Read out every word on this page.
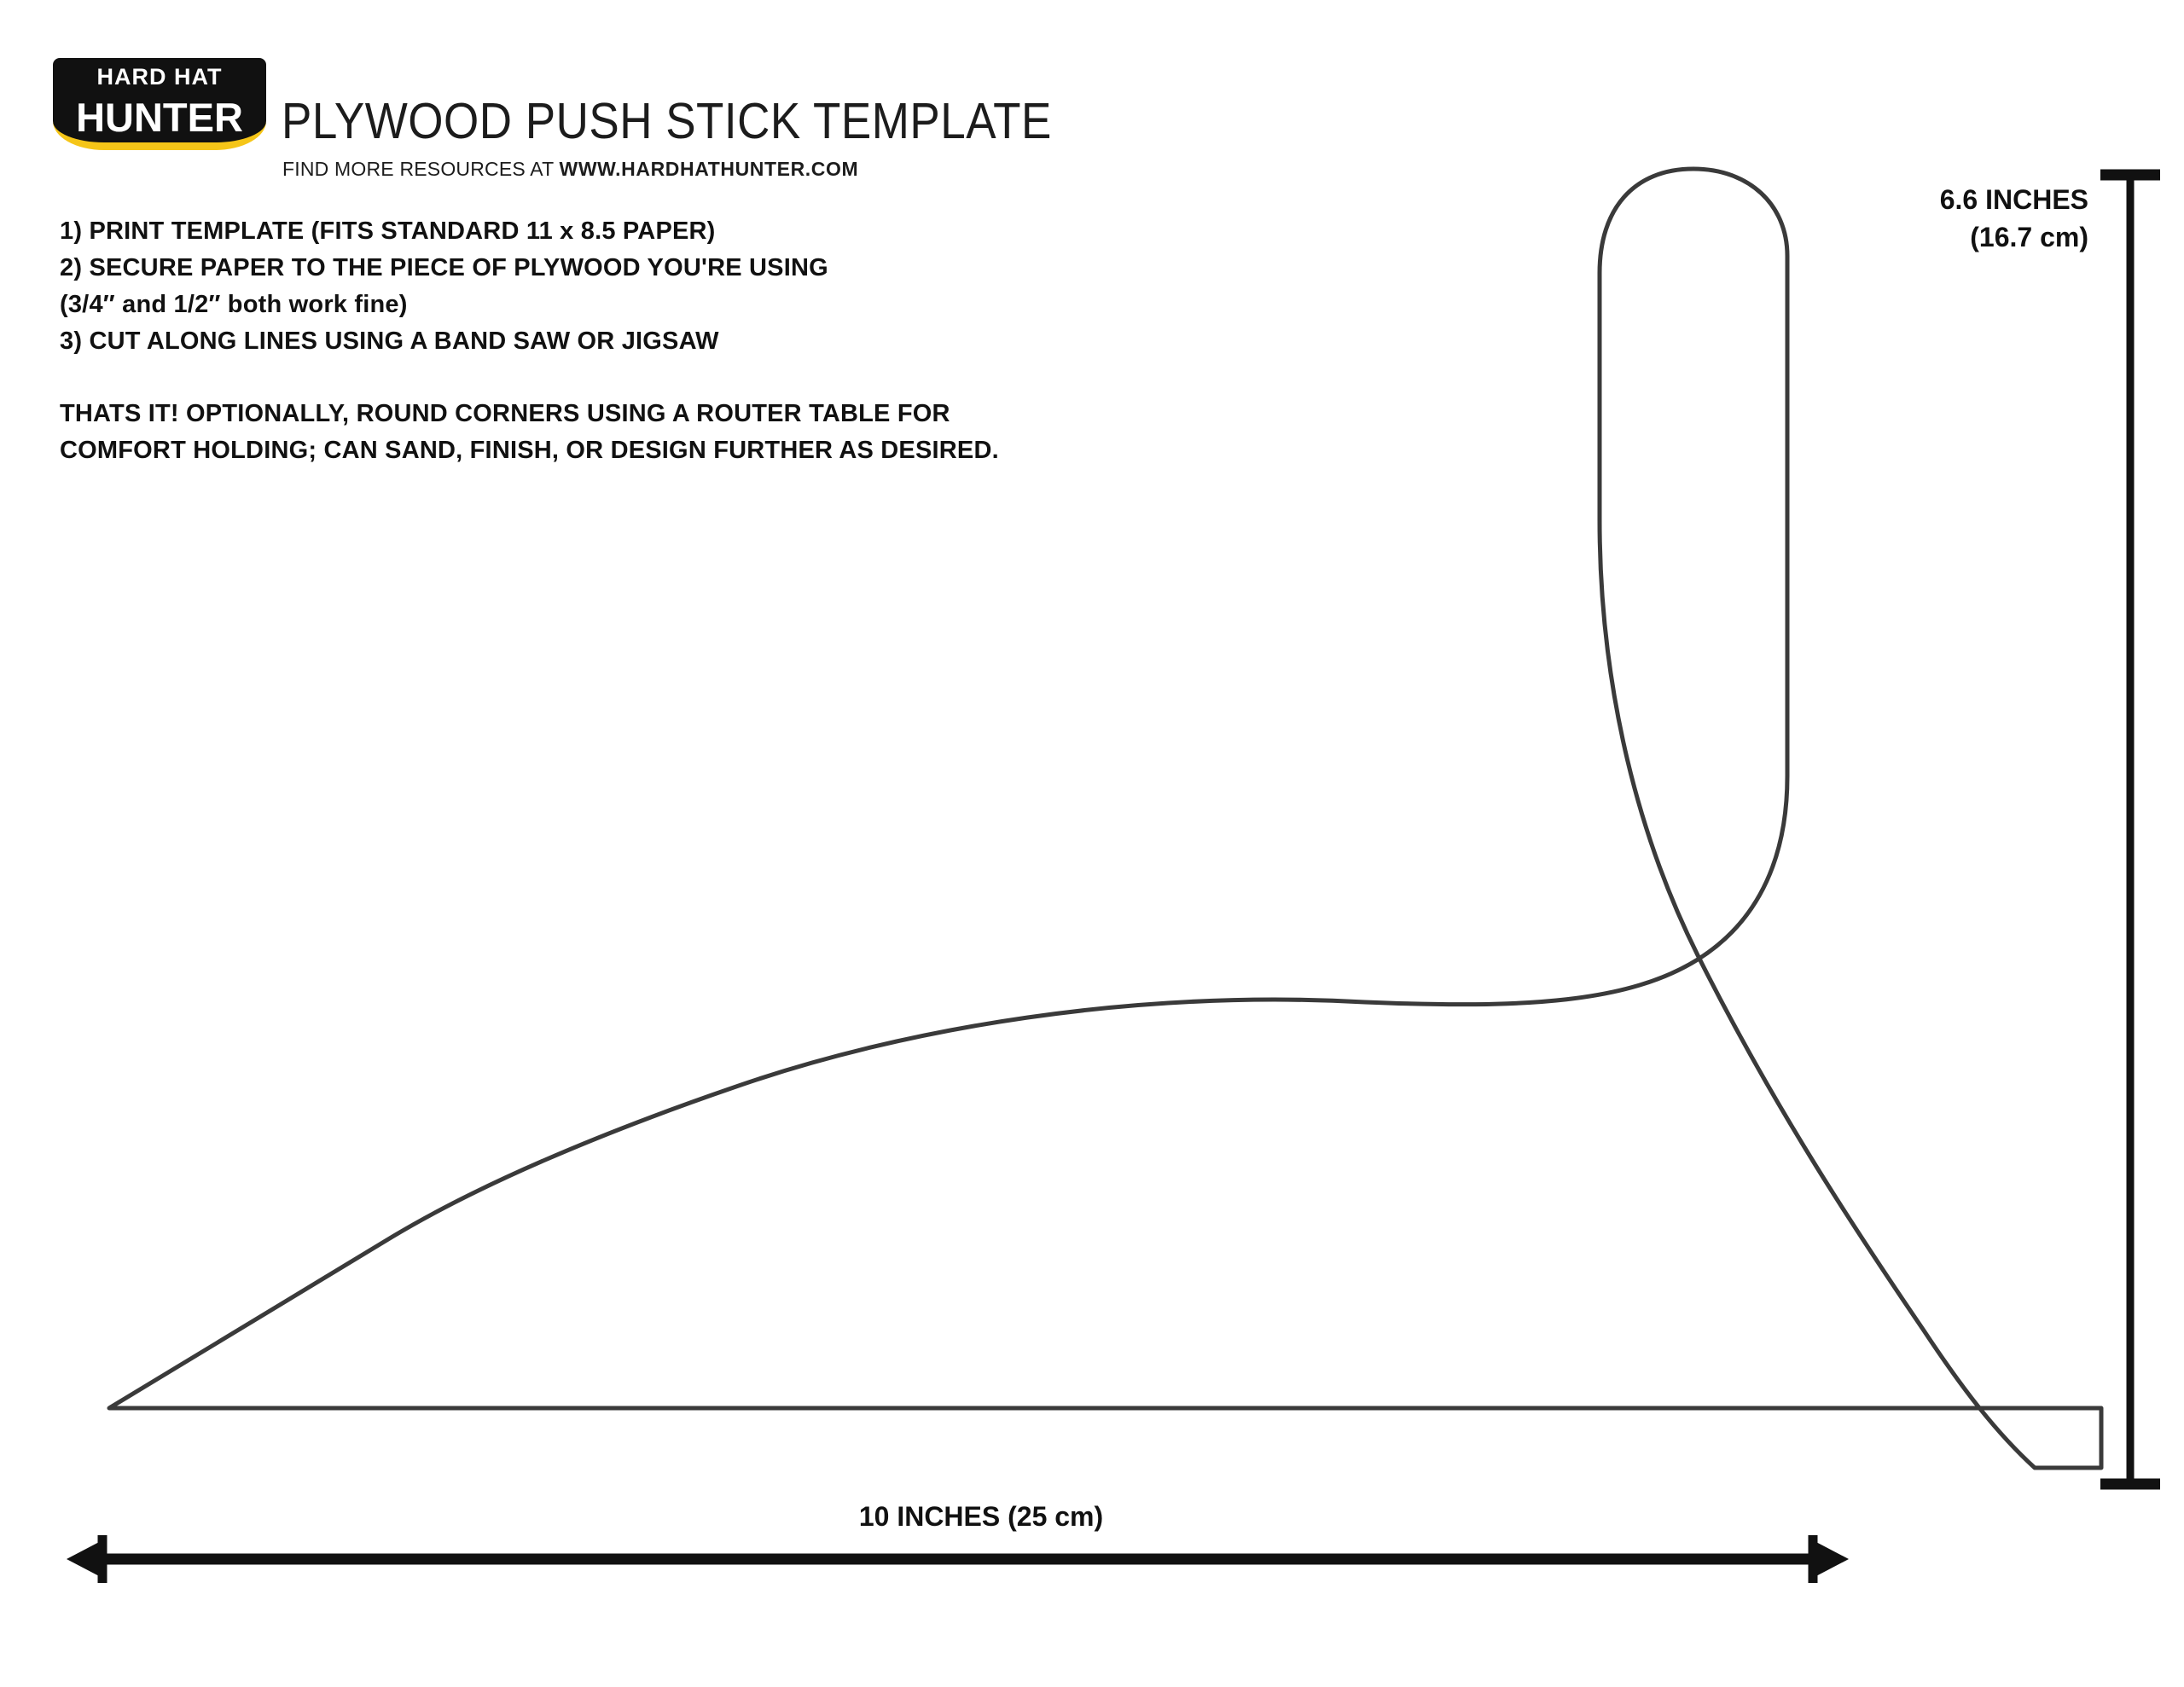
HARD HAT
HUNTER PLYWOOD PUSH STICK TEMPLATE
FIND MORE RESOURCES AT WWW.HARDHATHUNTER.COM
1) PRINT TEMPLATE (FITS STANDARD 11 x 8.5 PAPER)
2) SECURE PAPER TO THE PIECE OF PLYWOOD YOU'RE USING
(3/4″ and 1/2″ both work fine)
3) CUT ALONG LINES USING A BAND SAW OR JIGSAW
THATS IT! OPTIONALLY, ROUND CORNERS USING A ROUTER TABLE FOR
COMFORT HOLDING; CAN SAND, FINISH, OR DESIGN FURTHER AS DESIRED.
6.6 INCHES
(16.7 cm)
10 INCHES (25 cm)
